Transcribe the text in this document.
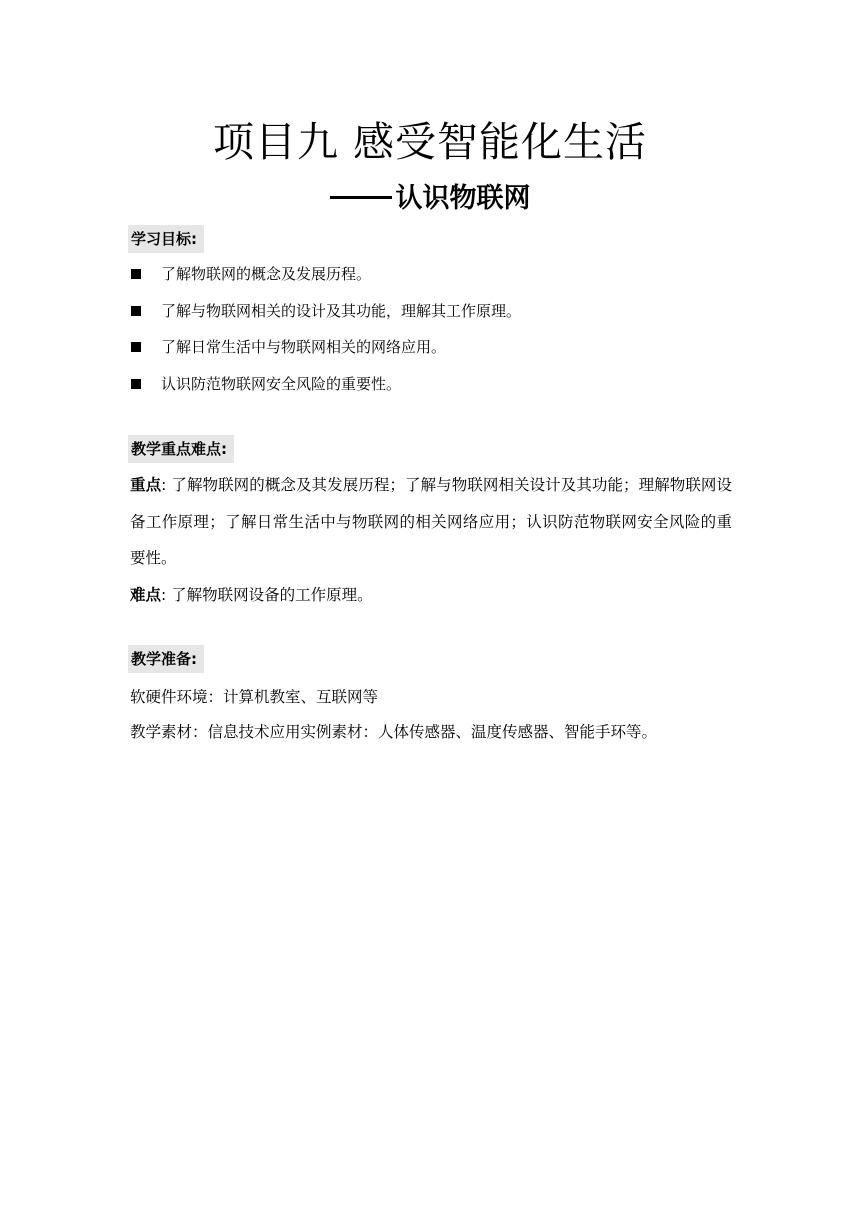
项目九 感受智能化生活
认识物联网
学习目标:
了解物联网的概念及发展历程。
了解与物联网相关的设计及其功能，理解其工作原理。
了解日常生活中与物联网相关的网络应用。
认识防范物联网安全风险的重要性。
教学重点难点:
重点: 了解物联网的概念及其发展历程；了解与物联网相关设计及其功能；理解物联网设备工作原理；了解日常生活中与物联网的相关网络应用；认识防范物联网安全风险的重要性。
难点: 了解物联网设备的工作原理。
教学准备:
软硬件环境：计算机教室、互联网等
教学素材：信息技术应用实例素材：人体传感器、温度传感器、智能手环等。
